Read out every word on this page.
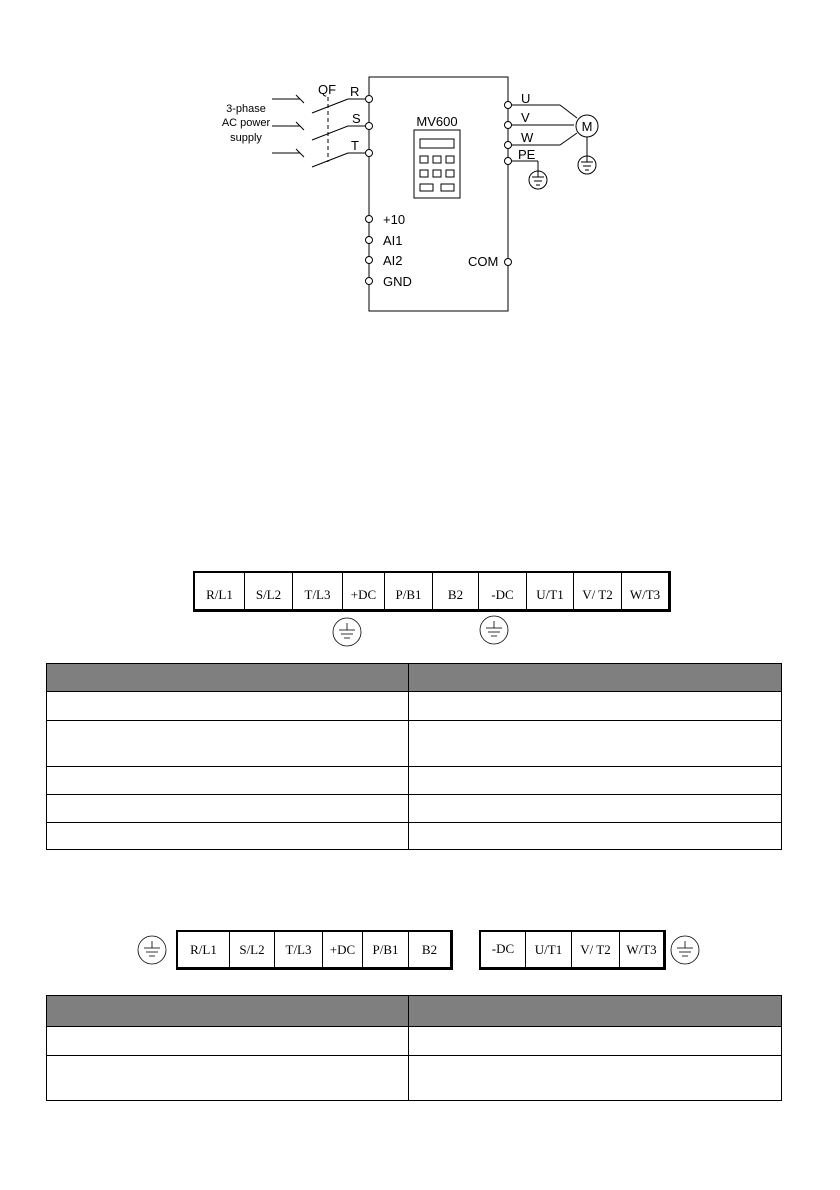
MV600
QF
3-phase
AC power
supply
R
S
T
U
V
W
PE
M
+10
AI1
AI2
GND
COM
R/L1	S/L2	T/L3	+DC	P/B1	B2	-DC	U/T1	V/ T2	W/T3

R/L1	S/L2	T/L3	+DC	P/B1	B2	-DC	U/T1	V/ T2	W/T3
